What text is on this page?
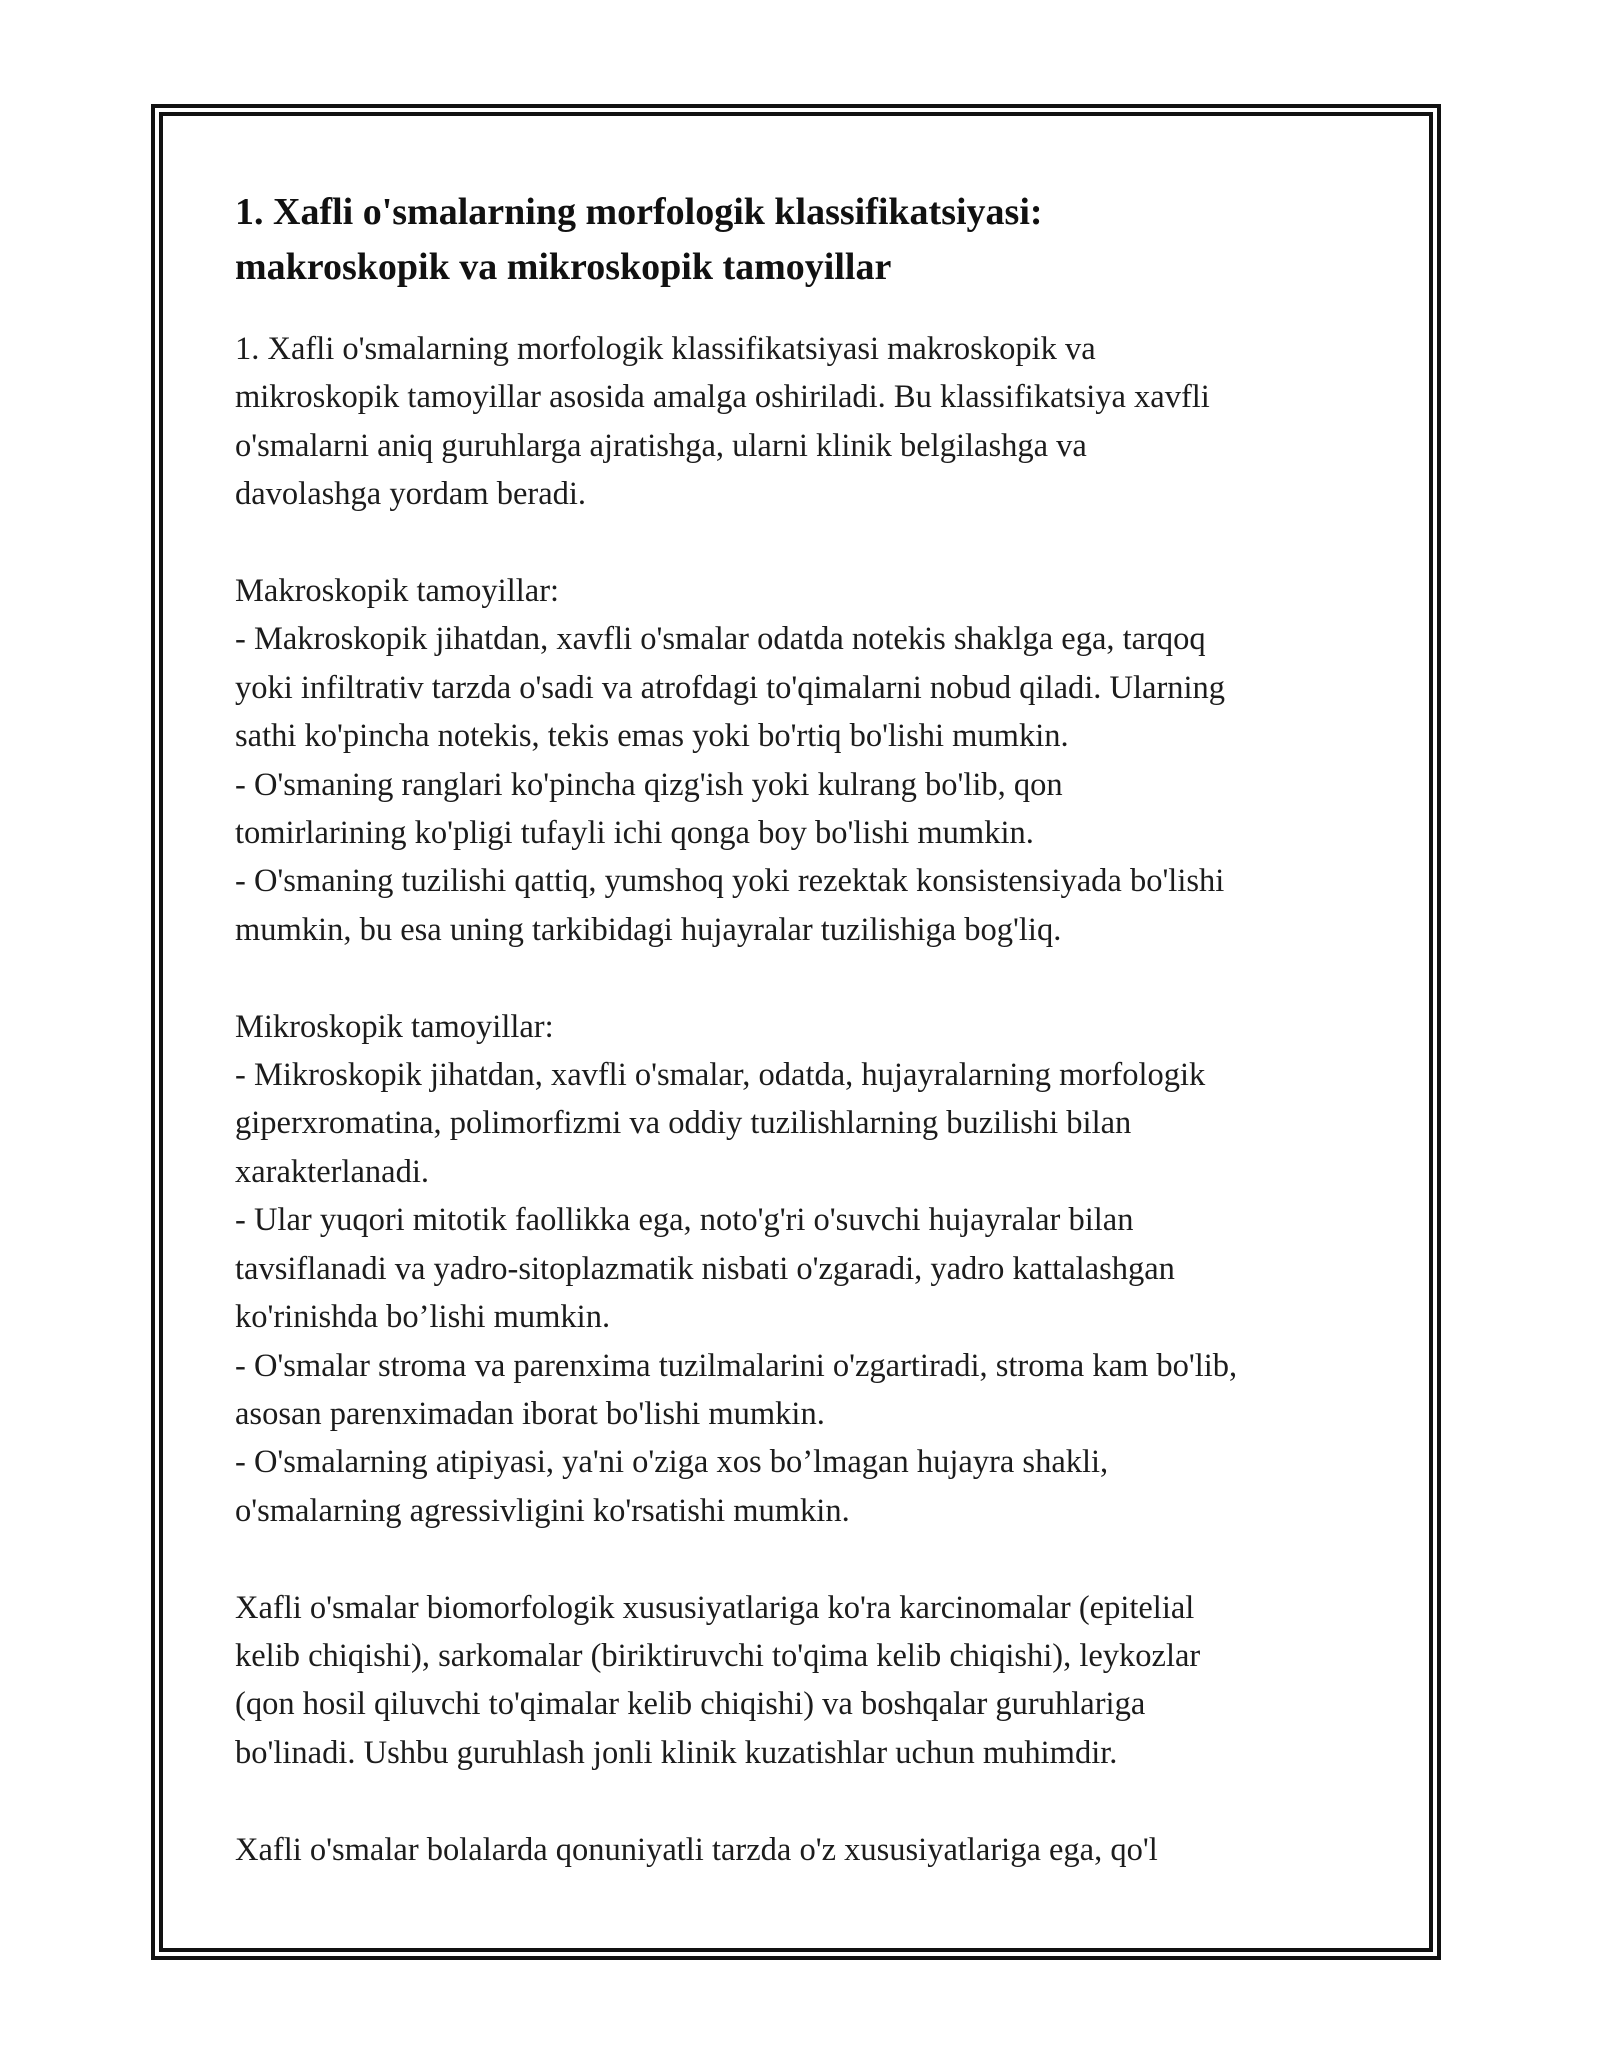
1. Xafli o'smalarning morfologik klassifikatsiyasi:
makroskopik va mikroskopik tamoyillar

1. Xafli o'smalarning morfologik klassifikatsiyasi makroskopik va
mikroskopik tamoyillar asosida amalga oshiriladi. Bu klassifikatsiya xavfli
o'smalarni aniq guruhlarga ajratishga, ularni klinik belgilashga va
davolashga yordam beradi.

Makroskopik tamoyillar:
- Makroskopik jihatdan, xavfli o'smalar odatda notekis shaklga ega, tarqoq
yoki infiltrativ tarzda o'sadi va atrofdagi to'qimalarni nobud qiladi. Ularning
sathi ko'pincha notekis, tekis emas yoki bo'rtiq bo'lishi mumkin.
- O'smaning ranglari ko'pincha qizg'ish yoki kulrang bo'lib, qon
tomirlarining ko'pligi tufayli ichi qonga boy bo'lishi mumkin.
- O'smaning tuzilishi qattiq, yumshoq yoki rezektak konsistensiyada bo'lishi
mumkin, bu esa uning tarkibidagi hujayralar tuzilishiga bog'liq.

Mikroskopik tamoyillar:
- Mikroskopik jihatdan, xavfli o'smalar, odatda, hujayralarning morfologik
giperxromatina, polimorfizmi va oddiy tuzilishlarning buzilishi bilan
xarakterlanadi.
- Ular yuqori mitotik faollikka ega, noto'g'ri o'suvchi hujayralar bilan
tavsiflanadi va yadro-sitoplazmatik nisbati o'zgaradi, yadro kattalashgan
ko'rinishda bo’lishi mumkin.
- O'smalar stroma va parenxima tuzilmalarini o'zgartiradi, stroma kam bo'lib,
asosan parenximadan iborat bo'lishi mumkin.
- O'smalarning atipiyasi, ya'ni o'ziga xos bo’lmagan hujayra shakli,
o'smalarning agressivligini ko'rsatishi mumkin.

Xafli o'smalar biomorfologik xususiyatlariga ko'ra karcinomalar (epitelial
kelib chiqishi), sarkomalar (biriktiruvchi to'qima kelib chiqishi), leykozlar
(qon hosil qiluvchi to'qimalar kelib chiqishi) va boshqalar guruhlariga
bo'linadi. Ushbu guruhlash jonli klinik kuzatishlar uchun muhimdir.

Xafli o'smalar bolalarda qonuniyatli tarzda o'z xususiyatlariga ega, qo'l
